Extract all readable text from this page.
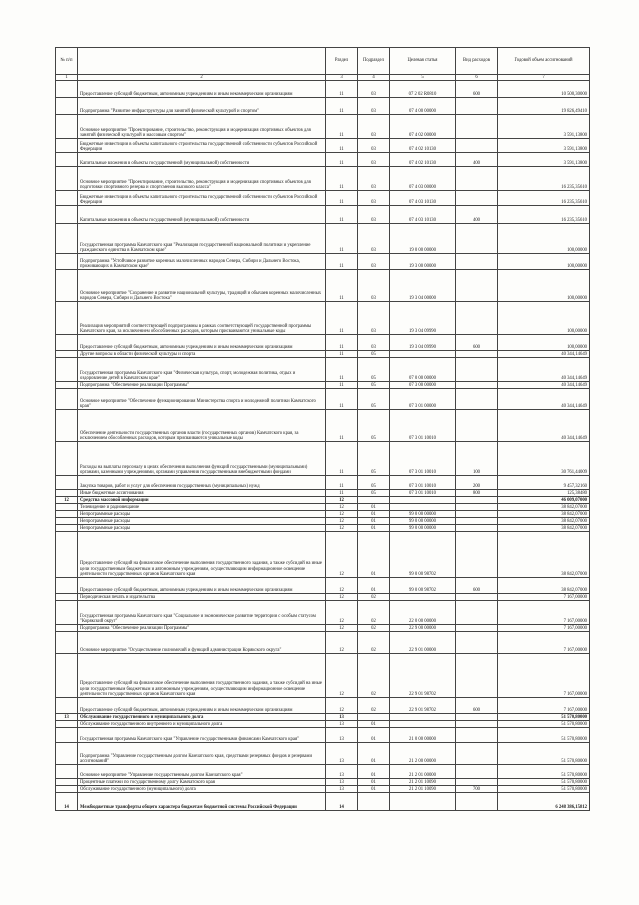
№ п/п		Раздел	Подраздел	Целевая статья	Вид расходов	Годовой объем ассигнований
1	2	3	4	5	6	7
	Предоставление субсидий бюджетным, автономным учреждениям и иным некоммерческим организациям	11	03	07 2 02 R0810	600	10 500,30000
	Подпрограмма "Развитие инфраструктуры для занятий физической культурой и спортом"	11	03	07 4 00 00000		19 826,49410
	Основное мероприятие "Проектирование, строительство, реконструкция и модернизация спортивных объектов для занятий физической культурой и массовым спортом"	11	03	07 4 02 00000		3 591,13800
	Бюджетные инвестиции в объекты капитального строительства государственной собственности субъектов Российской Федерации	11	03	07 4 02 10130		3 591,13800
	Капитальные вложения в объекты государственной (муниципальной) собственности	11	03	07 4 02 10130	400	3 591,13800
	Основное мероприятие "Проектирование, строительство, реконструкция и модернизация спортивных объектов для подготовки спортивного резерва и спортсменов высокого класса"	11	03	07 4 03 00000		16 235,35610
	Бюджетные инвестиции в объекты капитального строительства государственной собственности субъектов Российской Федерации	11	03	07 4 03 10130		16 235,35610
	Капитальные вложения в объекты государственной (муниципальной) собственности	11	03	07 4 03 10130	400	16 235,35610
	Государственная программа Камчатского края "Реализация государственной национальной политики и укрепление гражданского единства в Камчатском крае"	11	03	19 0 00 00000		100,00000
	Подпрограмма "Устойчивое развитие коренных малочисленных народов Севера, Сибири и Дальнего Востока, проживающих в Камчатском крае"	11	03	19 3 00 00000		100,00000
	Основное мероприятие "Сохранение и развитие национальной культуры, традиций и обычаев коренных малочисленных народов Севера, Сибири и Дальнего Востока"	11	03	19 3 04 00000		100,00000
	Реализация мероприятий соответствующей подпрограммы в рамках соответствующей государственной программы Камчатского края, за исключением обособленных расходов, которым присваиваются уникальные коды	11	03	19 3 04 09990		100,00000
	Предоставление субсидий бюджетным, автономным учреждениям и иным некоммерческим организациям	11	03	19 3 04 09990	600	100,00000
	Другие вопросы в области физической культуры и спорта	11	05			40 344,14649
	Государственная программа Камчатского края "Физическая культура, спорт, молодежная политика, отдых и оздоровление детей в Камчатском крае"	11	05	07 0 00 00000		40 344,14649
	Подпрограмма "Обеспечение реализации Программы"	11	05	07 3 00 00000		40 344,14649
	Основное мероприятие "Обеспечение функционирования Министерства спорта и молодежной политики Камчатского края"	11	05	07 3 01 00000		40 344,14649
	Обеспечение деятельности государственных органов власти (государственных органов) Камчатского края, за исключением обособленных расходов, которым присваиваются уникальные коды	11	05	07 3 01 10010		40 344,14649
	Расходы на выплаты персоналу в целях обеспечения выполнения функций государственными (муниципальными) органами, казенными учреждениями, органами управления государственными внебюджетными фондами	11	05	07 3 01 10010	100	30 761,44009
	Закупка товаров, работ и услуг для обеспечения государственных (муниципальных) нужд	11	05	07 3 01 10010	200	9 457,32160
	Иные бюджетные ассигнования	11	05	07 3 01 10010	800	125,38480
12	Средства массовой информации	12				46 009,07000
	Телевидение и радиовещание	12	01			38 842,07000
	Непрограммные расходы	12	01	99 0 00 00000		38 842,07000
	Непрограммные расходы	12	01	99 0 00 00000		38 842,07000
	Непрограммные расходы	12	01	99 0 00 00000		38 842,07000
	Предоставление субсидий на финансовое обеспечение выполнения государственного задания, а также субсидий на иные цели государственным бюджетным и автономным учреждениям, осуществляющим информационное освещение деятельности государственных органов Камчатского края	12	01	99 0 00 98702		38 842,07000
	Предоставление субсидий бюджетным, автономным учреждениям и иным некоммерческим организациям	12	01	99 0 00 98702	600	38 842,07000
	Периодическая печать и издательства	12	02			7 167,00000
	Государственная программа Камчатского края "Социальное и экономическое развитие территории с особым статусом "Корякский округ"	12	02	22 0 00 00000		7 167,00000
	Подпрограмма "Обеспечение реализации Программы"	12	02	22 9 00 00000		7 167,00000
	Основное мероприятие "Осуществление полномочий и функций администрации Корякского округа"	12	02	22 9 01 00000		7 167,00000
	Предоставление субсидий на финансовое обеспечение выполнения государственного задания, а также субсидий на иные цели государственным бюджетным и автономным учреждениям, осуществляющим информационное освещение деятельности государственных органов Камчатского края	12	02	22 9 01 98702		7 167,00000
	Предоставление субсидий бюджетным, автономным учреждениям и иным некоммерческим организациям	12	02	22 9 01 98702	600	7 167,00000
13	Обслуживание государственного и муниципального долга	13				51 570,80000
	Обслуживание государственного внутреннего и муниципального долга	13	01			51 570,80000
	Государственная программа Камчатского края "Управление государственными финансами Камчатского края"	13	01	21 0 00 00000		51 570,80000
	Подпрограмма "Управление государственным долгом Камчатского края, средствами резервных фондов и резервами ассигнований"	13	01	21 2 00 00000		51 570,80000
	Основное мероприятие "Управление государственным долгом Камчатского края"	13	01	21 2 01 00000		51 570,80000
	Процентные платежи по государственному долгу Камчатского края	13	01	21 2 01 10090		51 570,80000
	Обслуживание государственного (муниципального) долга	13	01	21 2 01 10090	700	51 570,80000
14	Межбюджетные трансферты общего характера бюджетам бюджетной системы Российской Федерации	14				6 248 386,15812
